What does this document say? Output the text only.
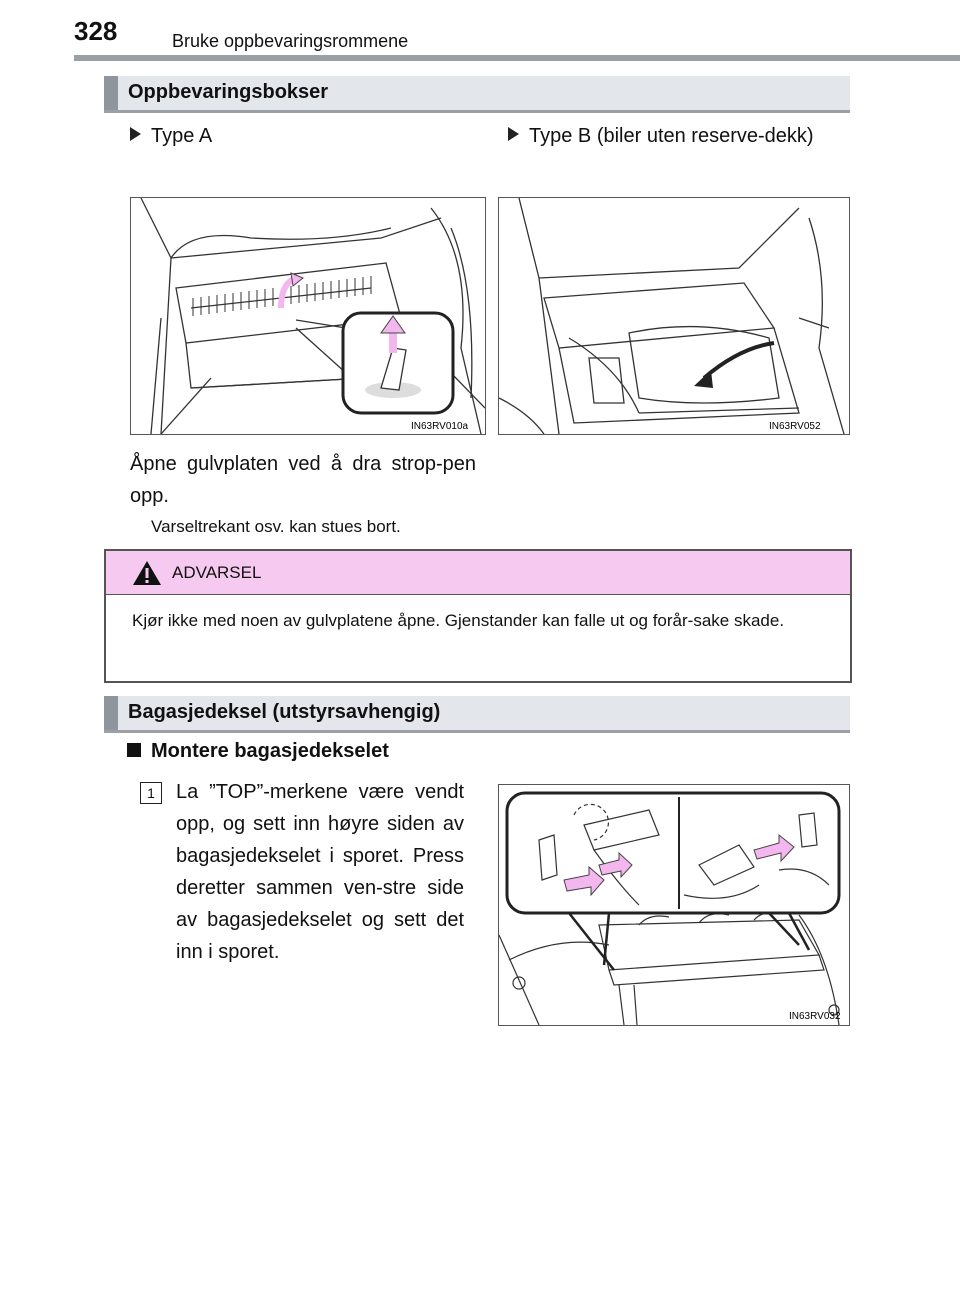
328	Bruke oppbevaringsrommene
Oppbevaringsbokser
Type A	Type B (biler uten reserve-dekk)
IN63RV010a	IN63RV052
Åpne gulvplaten ved å dra strop-pen opp.
Varseltrekant osv. kan stues bort.
ADVARSEL
Kjør ikke med noen av gulvplatene åpne. Gjenstander kan falle ut og forår-sake skade.
Bagasjedeksel (utstyrsavhengig)
Montere bagasjedekselet
1	La ”TOP”-merkene være vendt opp, og sett inn høyre siden av bagasjedekselet i sporet. Press deretter sammen ven-stre side av bagasjedekselet og sett det inn i sporet.
IN63RV032
